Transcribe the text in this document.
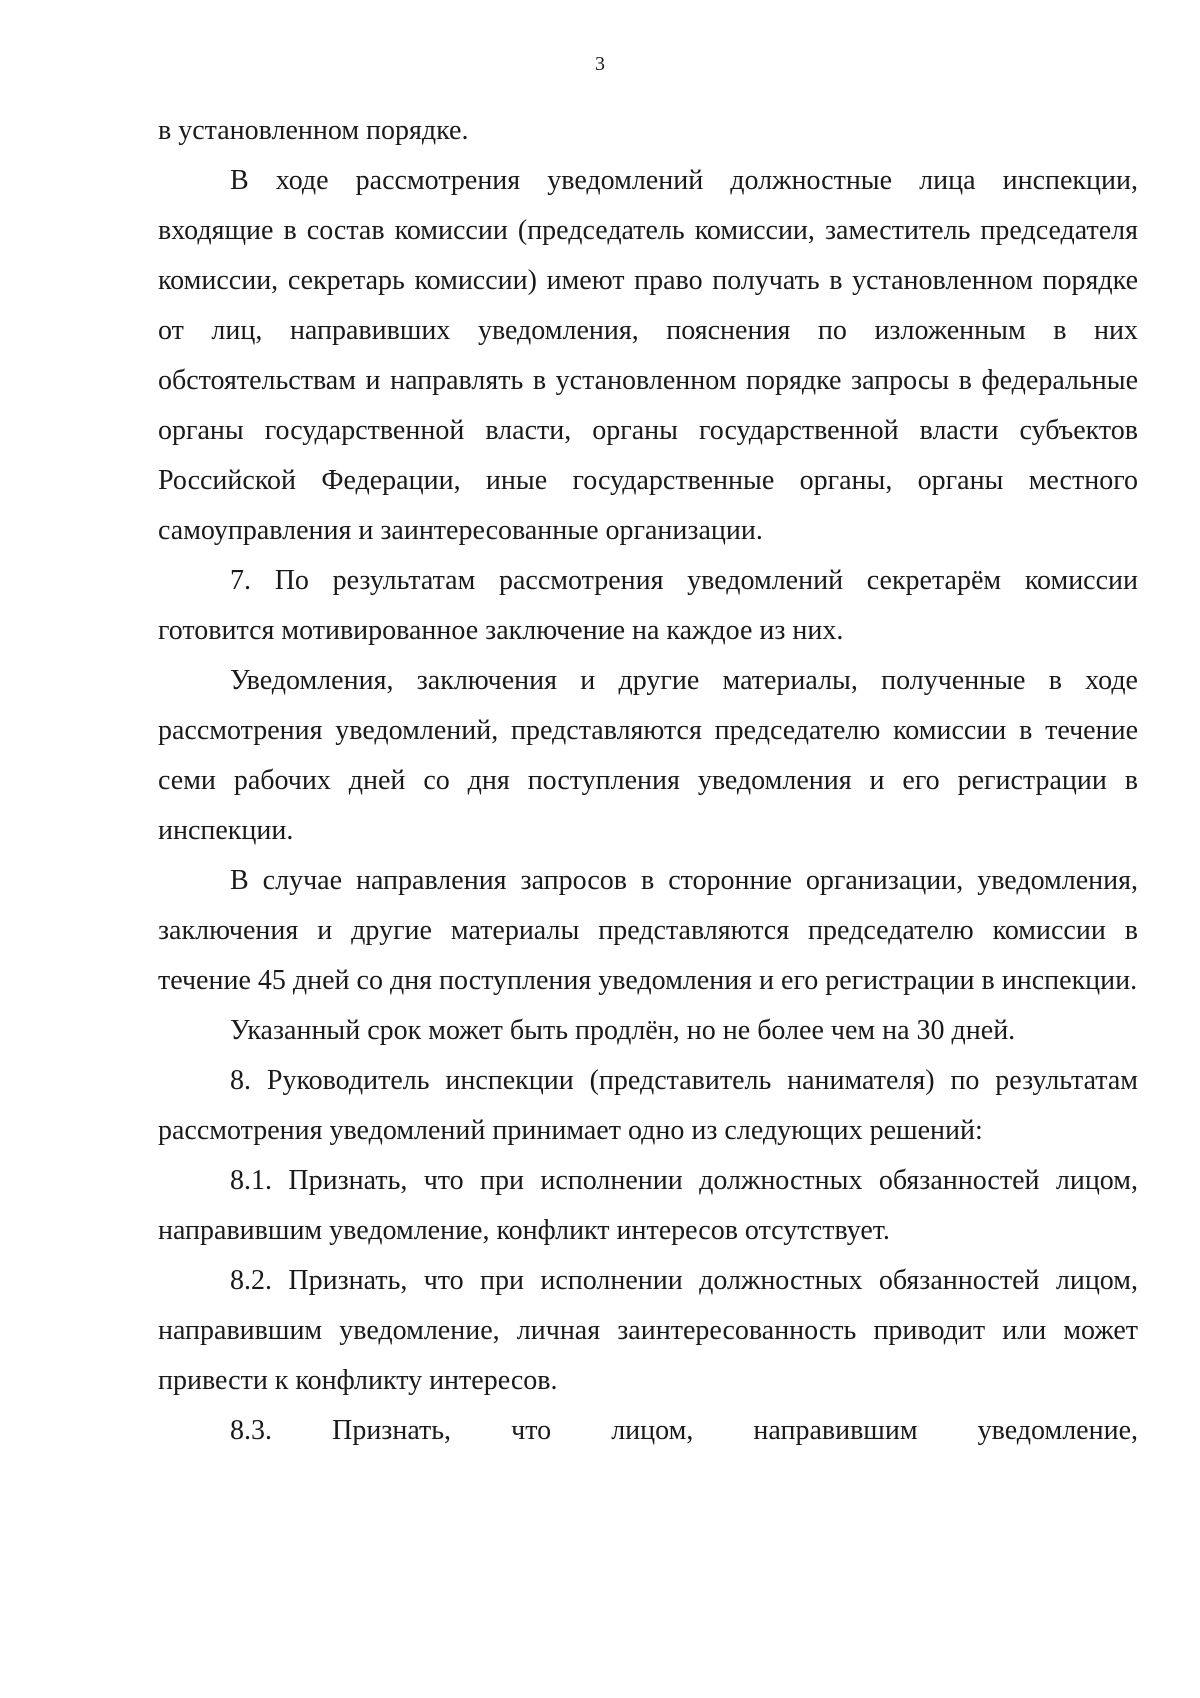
3

в установленном порядке.

В ходе рассмотрения уведомлений должностные лица инспекции, входящие в состав комиссии (председатель комиссии, заместитель председателя комиссии, секретарь комиссии) имеют право получать в установленном порядке от лиц, направивших уведомления, пояснения по изложенным в них обстоятельствам и направлять в установленном порядке запросы в федеральные органы государственной власти, органы государственной власти субъектов Российской Федерации, иные государственные органы, органы местного самоуправления и заинтересованные организации.

7. По результатам рассмотрения уведомлений секретарём комиссии готовится мотивированное заключение на каждое из них.

Уведомления, заключения и другие материалы, полученные в ходе рассмотрения уведомлений, представляются председателю комиссии в течение семи рабочих дней со дня поступления уведомления и его регистрации в инспекции.

В случае направления запросов в сторонние организации, уведомления, заключения и другие материалы представляются председателю комиссии в течение 45 дней со дня поступления уведомления и его регистрации в инспекции.

Указанный срок может быть продлён, но не более чем на 30 дней.

8. Руководитель инспекции (представитель нанимателя) по результатам рассмотрения уведомлений принимает одно из следующих решений:

8.1. Признать, что при исполнении должностных обязанностей лицом, направившим уведомление, конфликт интересов отсутствует.

8.2. Признать, что при исполнении должностных обязанностей лицом, направившим уведомление, личная заинтересованность приводит или может привести к конфликту интересов.

8.3. Признать, что лицом, направившим уведомление,
